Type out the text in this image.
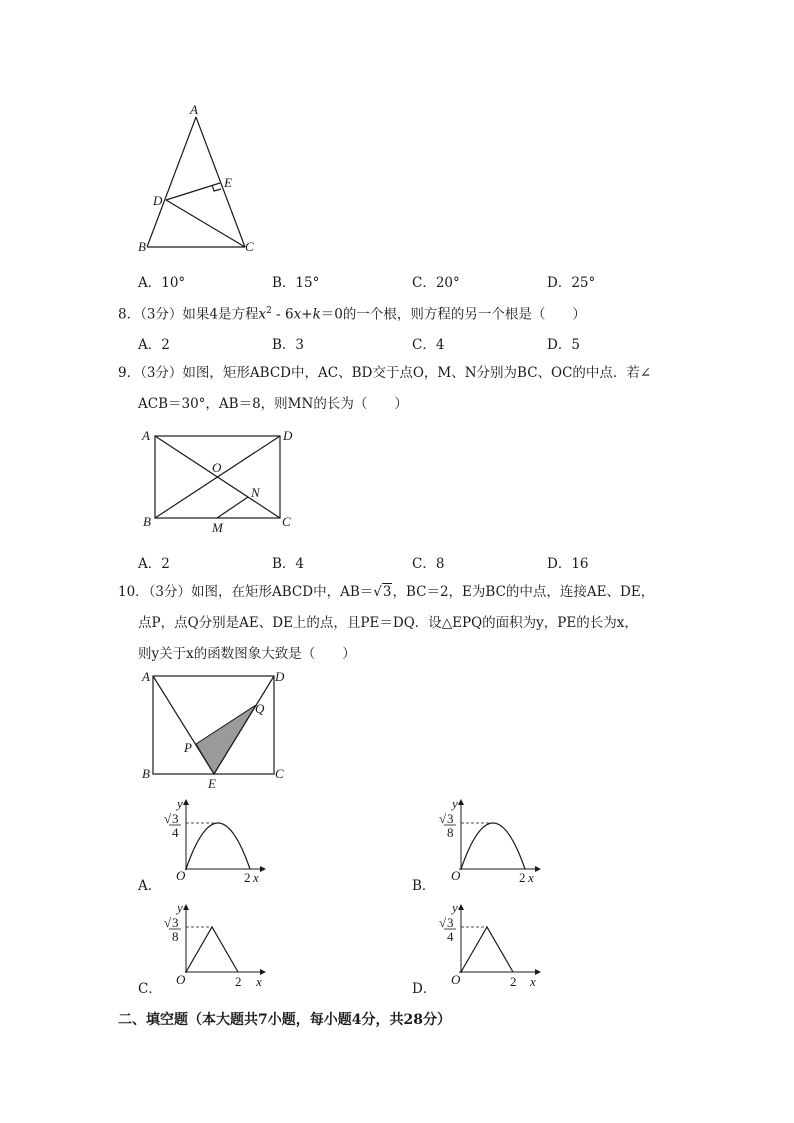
A
B	C
D
E
A．10°	B．15°	C．20°	D．25°
8．（3分）如果4是方程$x^2 - 6x+k=0$的一个根，则方程的另一个根是（　　）
A．2	B．3	C．4	D．5
9．（3分）如图，矩形ABCD中，AC、BD交于点O，M、N分别为BC、OC的中点．若∠
ACB＝30°，AB＝8，则MN的长为（　　）
A	D
B	C
O
N
M
A．2	B．4	C．8	D．16
10．（3分）如图，在矩形ABCD中，AB＝√3，BC＝2，E为BC的中点，连接AE、DE，
点P，点Q分别是AE、DE上的点，且PE＝DQ．设△EPQ的面积为y，PE的长为x，
则y关于x的函数图象大致是（　　）
A	D
B	C
E
P
Q
y
√ 3
4
O	2 x
y
√ 3
8
O	2 x
y
√ 3
8
O	2 x
y
√ 3
4
O	2 x
A．	B．
C．	D．
二、填空题（本大题共7小题，每小题4分，共28分）
